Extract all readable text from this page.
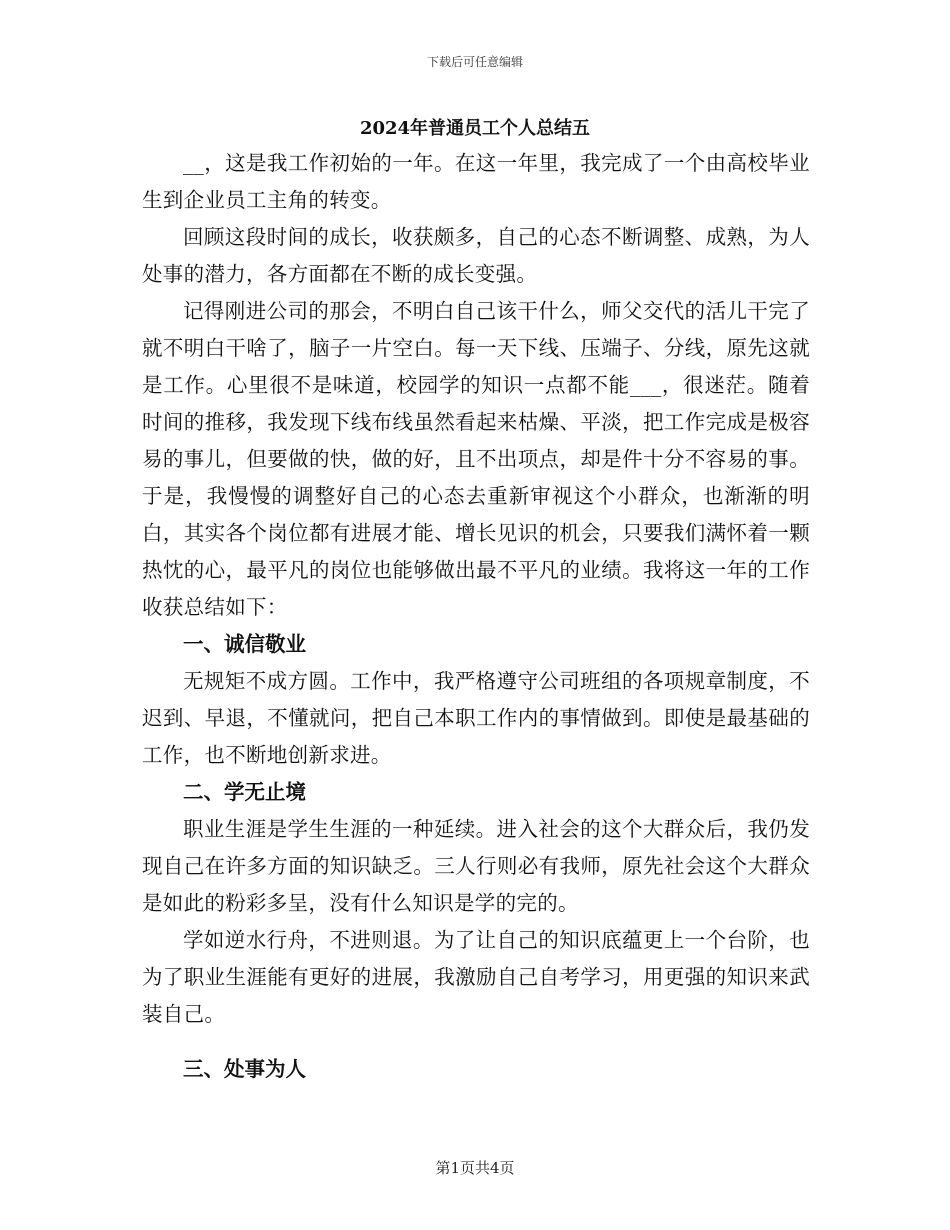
下载后可任意编辑
2024年普通员工个人总结五

__，这是我工作初始的一年。在这一年里，我完成了一个由高校毕业生到企业员工主角的转变。

回顾这段时间的成长，收获颇多，自己的心态不断调整、成熟，为人处事的潜力，各方面都在不断的成长变强。

记得刚进公司的那会，不明白自己该干什么，师父交代的活儿干完了就不明白干啥了，脑子一片空白。每一天下线、压端子、分线，原先这就是工作。心里很不是味道，校园学的知识一点都不能___，很迷茫。随着时间的推移，我发现下线布线虽然看起来枯燥、平淡，把工作完成是极容易的事儿，但要做的快，做的好，且不出项点，却是件十分不容易的事。于是，我慢慢的调整好自己的心态去重新审视这个小群众，也渐渐的明白，其实各个岗位都有进展才能、增长见识的机会，只要我们满怀着一颗热忱的心，最平凡的岗位也能够做出最不平凡的业绩。我将这一年的工作收获总结如下：

一、诚信敬业

无规矩不成方圆。工作中，我严格遵守公司班组的各项规章制度，不迟到、早退，不懂就问，把自己本职工作内的事情做到。即使是最基础的工作，也不断地创新求进。

二、学无止境

职业生涯是学生生涯的一种延续。进入社会的这个大群众后，我仍发现自己在许多方面的知识缺乏。三人行则必有我师，原先社会这个大群众是如此的粉彩多呈，没有什么知识是学的完的。

学如逆水行舟，不进则退。为了让自己的知识底蕴更上一个台阶，也为了职业生涯能有更好的进展，我激励自己自考学习，用更强的知识来武装自己。

三、处事为人

第1页共4页
